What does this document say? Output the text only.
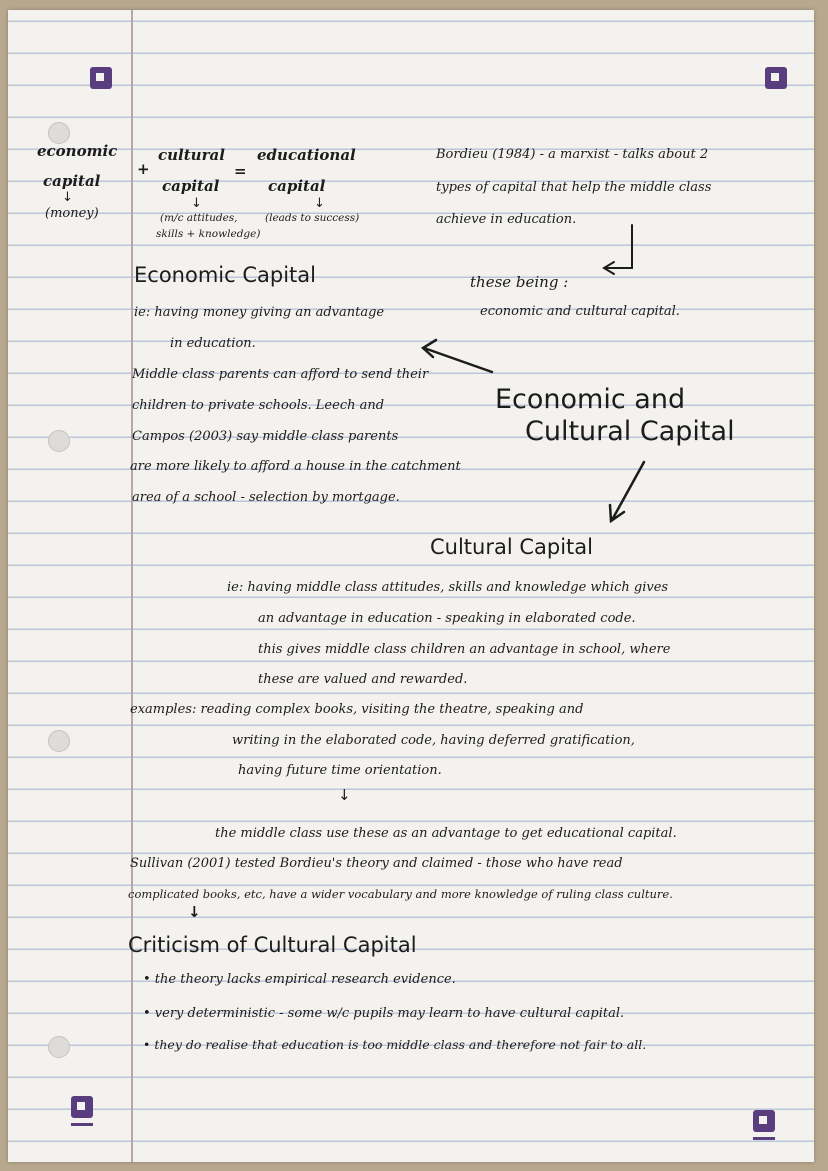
economic
capital
↓
(money)
+
cultural
capital
=
educational
capital
↓	↓
(m/c attitudes,
skills + knowledge)
(leads to success)
Bordieu (1984) - a marxist - talks about 2
types of capital that help the middle class
achieve in education.
these being :
economic and cultural capital.
Economic and
Cultural Capital
Economic Capital
ie: having money giving an advantage
in education.
Middle class parents can afford to send their
children to private schools. Leech and
Campos (2003) say middle class parents
are more likely to afford a house in the catchment
area of a school - selection by mortgage.
Cultural Capital
ie: having middle class attitudes, skills and knowledge which gives
an advantage in education - speaking in elaborated code.
this gives middle class children an advantage in school, where
these are valued and rewarded.
examples: reading complex books, visiting the theatre, speaking and
writing in the elaborated code, having deferred gratification,
having future time orientation.
↓
the middle class use these as an advantage to get educational capital.
Sullivan (2001) tested Bordieu's theory and claimed - those who have read
complicated books, etc, have a wider vocabulary and more knowledge of ruling class culture.
↓
Criticism of Cultural Capital
• the theory lacks empirical research evidence.
• very deterministic - some w/c pupils may learn to have cultural capital.
• they do realise that education is too middle class and therefore not fair to all.
